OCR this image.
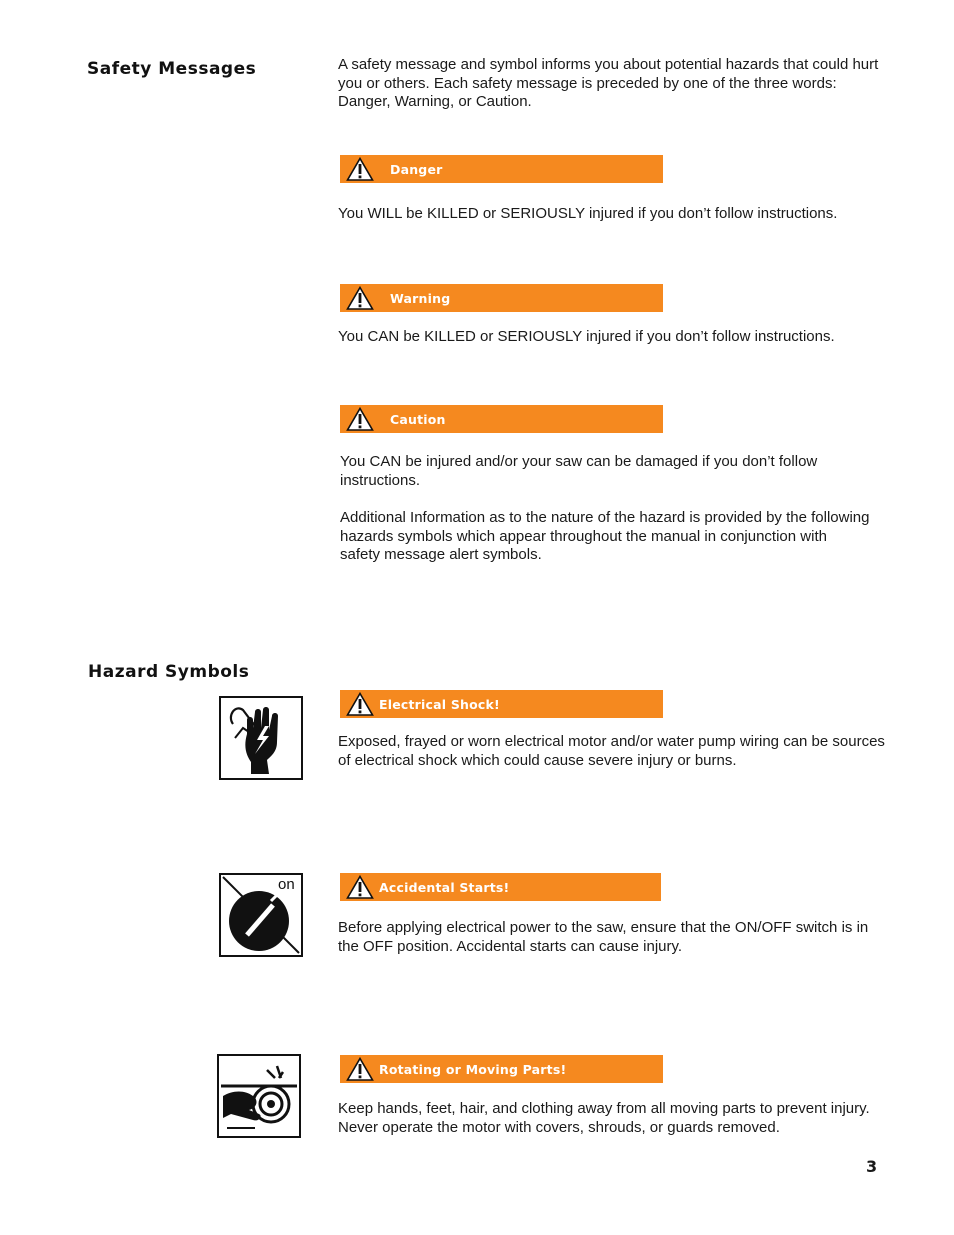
Safety Messages	A safety message and symbol informs you about potential hazards that could hurt you or others. Each safety message is preceded by one of the three words: Danger, Warning, or Caution.
Danger
You WILL be KILLED or SERIOUSLY injured if you don’t follow instructions.
Warning
You CAN be KILLED or SERIOUSLY injured if you don’t follow instructions.
Caution
You CAN be injured and/or your saw can be damaged if you don’t follow instructions.
Additional Information as to the nature of the hazard is provided by the following hazards symbols which appear throughout the manual in conjunction with safety message alert symbols.
Hazard Symbols
Electrical Shock!
Exposed, frayed or worn electrical motor and/or water pump wiring can be sources of electrical shock which could cause severe injury or burns.
on	Accidental Starts!
Before applying electrical power to the saw, ensure that the ON/OFF switch is in the OFF position. Accidental starts can cause injury.
Rotating or Moving Parts!
Keep hands, feet, hair, and clothing away from all moving parts to prevent injury. Never operate the motor with covers, shrouds, or guards removed.
3
